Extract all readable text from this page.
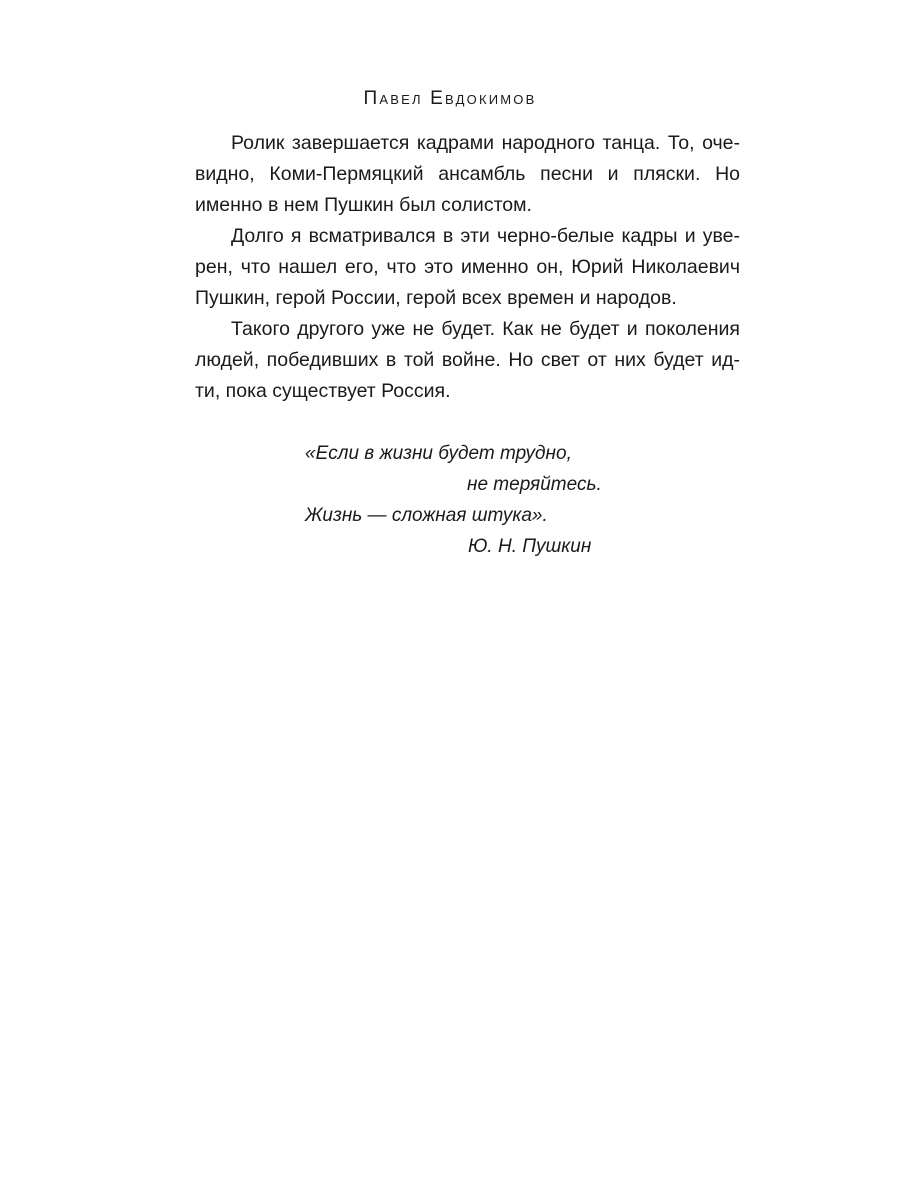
Павел Евдокимов

Ролик завершается кадрами народного танца. То, оче-
видно, Коми-Пермяцкий ансамбль песни и пляски. Но
именно в нем Пушкин был солистом.

Долго я всматривался в эти черно-белые кадры и уве-
рен, что нашел его, что это именно он, Юрий Николаевич
Пушкин, герой России, герой всех времен и народов.

Такого другого уже не будет. Как не будет и поколения
людей, победивших в той войне. Но свет от них будет ид-
ти, пока существует Россия.

«Если в жизни будет трудно,
не теряйтесь.
Жизнь — сложная штука».
Ю. Н. Пушкин
